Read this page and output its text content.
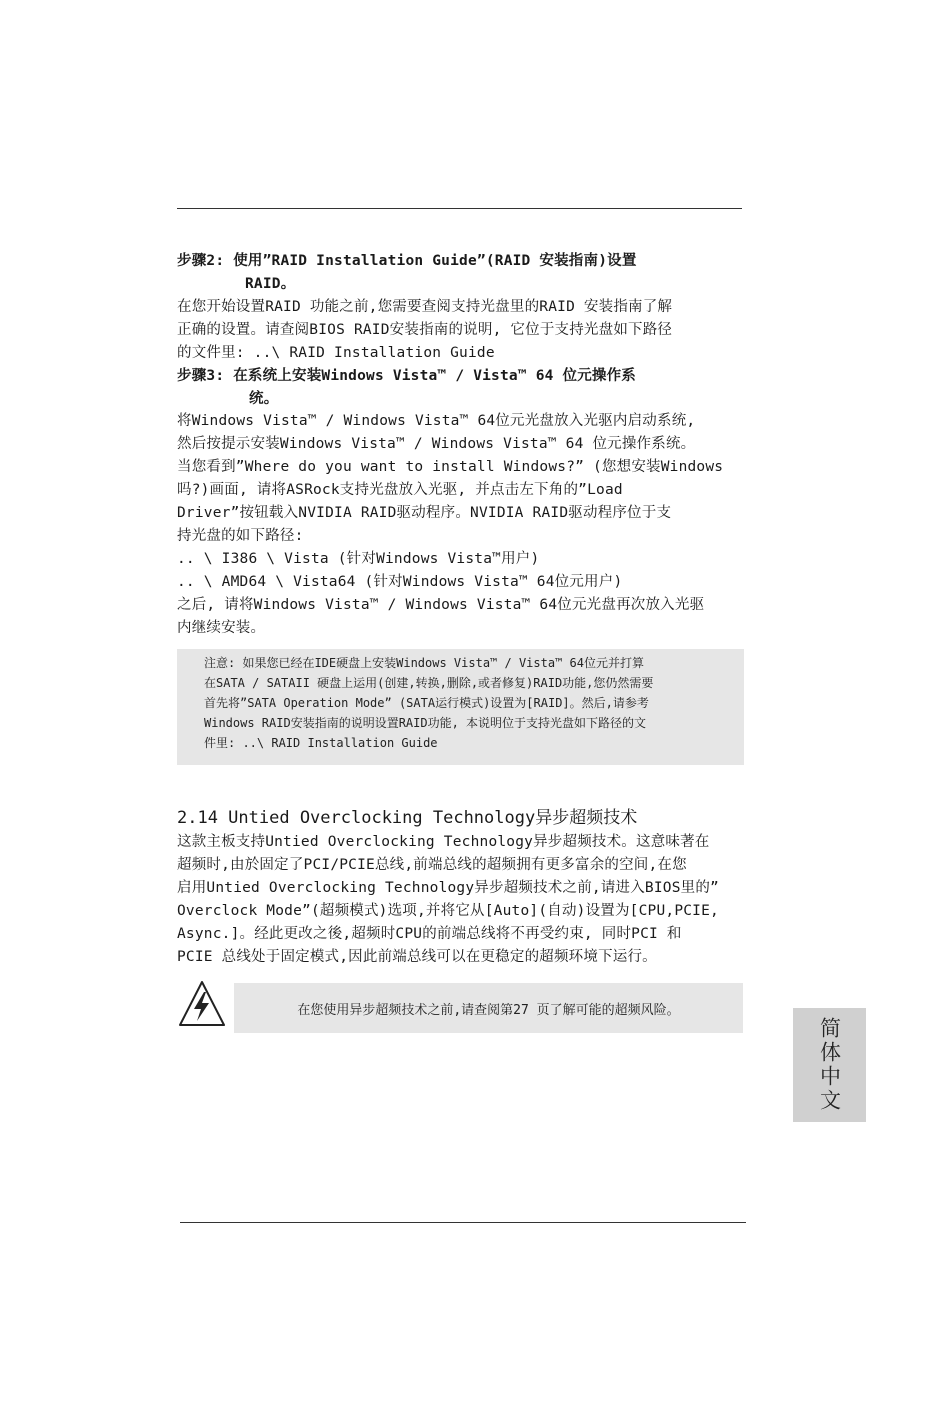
步骤2: 使用”RAID Installation Guide”(RAID 安装指南)设置
RAID。
在您开始设置RAID 功能之前,您需要查阅支持光盘里的RAID 安装指南了解
正确的设置。请查阅BIOS RAID安装指南的说明, 它位于支持光盘如下路径
的文件里: ..\ RAID Installation Guide
步骤3: 在系统上安装Windows Vista™ / Vista™ 64 位元操作系
统。
将Windows Vista™ / Windows Vista™ 64位元光盘放入光驱内启动系统,
然后按提示安装Windows Vista™ / Windows Vista™ 64 位元操作系统。
当您看到”Where do you want to install Windows?” (您想安装Windows
吗?)画面, 请将ASRock支持光盘放入光驱, 并点击左下角的”Load
Driver”按钮载入NVIDIA RAID驱动程序。NVIDIA RAID驱动程序位于支
持光盘的如下路径:
.. \ I386 \ Vista (针对Windows Vista™用户)
.. \ AMD64 \ Vista64 (针对Windows Vista™ 64位元用户)
之后, 请将Windows Vista™ / Windows Vista™ 64位元光盘再次放入光驱
内继续安装。
注意: 如果您已经在IDE硬盘上安装Windows Vista™ / Vista™ 64位元并打算
在SATA / SATAII 硬盘上运用(创建,转换,删除,或者修复)RAID功能,您仍然需要
首先将”SATA Operation Mode” (SATA运行模式)设置为[RAID]。然后,请参考
Windows RAID安装指南的说明设置RAID功能, 本说明位于支持光盘如下路径的文
件里: ..\ RAID Installation Guide
2.14 Untied Overclocking Technology异步超频技术
这款主板支持Untied Overclocking Technology异步超频技术。这意味著在
超频时,由於固定了PCI/PCIE总线,前端总线的超频拥有更多富余的空间,在您
启用Untied Overclocking Technology异步超频技术之前,请进入BIOS里的”
Overclock Mode”(超频模式)选项,并将它从[Auto](自动)设置为[CPU,PCIE,
Async.]。经此更改之後,超频时CPU的前端总线将不再受约束, 同时PCI 和
PCIE 总线处于固定模式,因此前端总线可以在更稳定的超频环境下运行。
在您使用异步超频技术之前,请查阅第27 页了解可能的超频风险。
简体中文
